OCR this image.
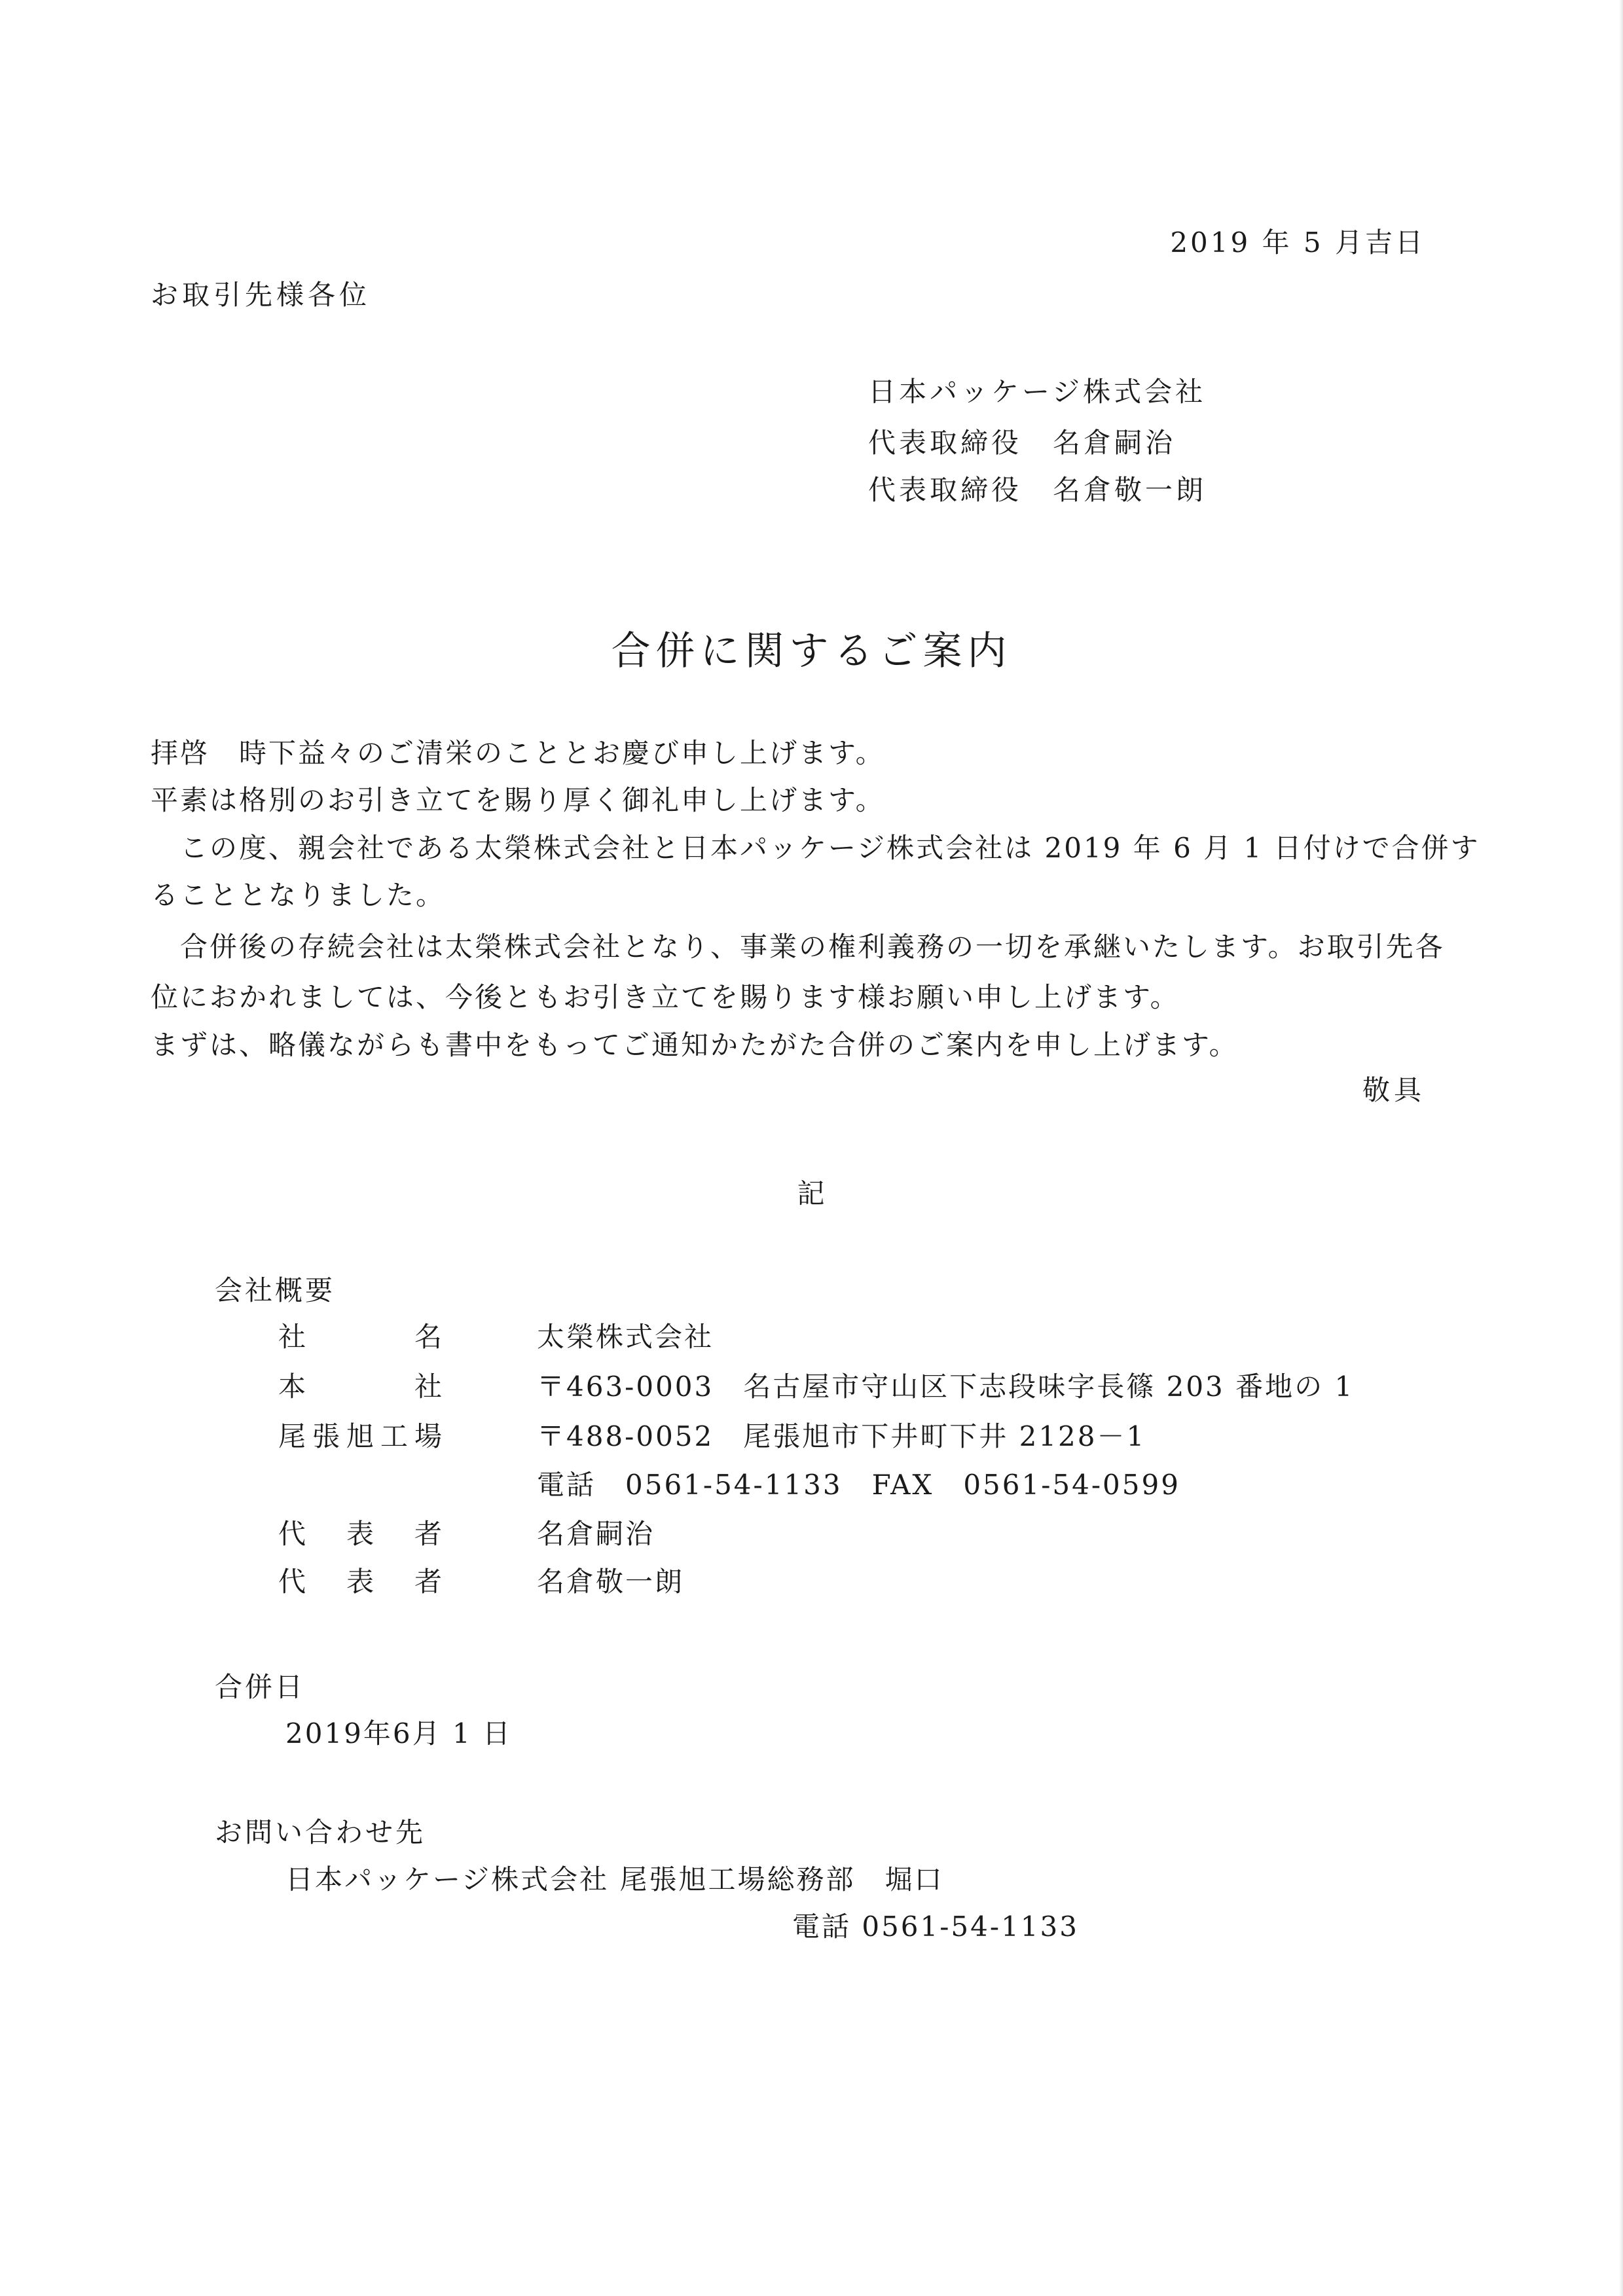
2019 年 5 月吉日
お取引先様各位
日本パッケージ株式会社
代表取締役　名倉嗣治
代表取締役　名倉敬一朗
合併に関するご案内
拝啓　時下益々のご清栄のこととお慶び申し上げます。
平素は格別のお引き立てを賜り厚く御礼申し上げます。
　この度、親会社である太榮株式会社と日本パッケージ株式会社は 2019 年 6 月 1 日付けで合併す
ることとなりました。
　合併後の存続会社は太榮株式会社となり、事業の権利義務の一切を承継いたします。お取引先各
位におかれましては、今後ともお引き立てを賜ります様お願い申し上げます。
まずは、略儀ながらも書中をもってご通知かたがた合併のご案内を申し上げます。
敬具
記
会社概要
社名	太榮株式会社
本社	〒463-0003　名古屋市守山区下志段味字長篠 203 番地の 1
尾張旭工場	〒488-0052　尾張旭市下井町下井 2128－1
電話　0561-54-1133　FAX　0561-54-0599
代表者	名倉嗣治
代表者	名倉敬一朗
合併日
2019年6月 1 日
お問い合わせ先
日本パッケージ株式会社 尾張旭工場総務部　堀口
電話 0561-54-1133
